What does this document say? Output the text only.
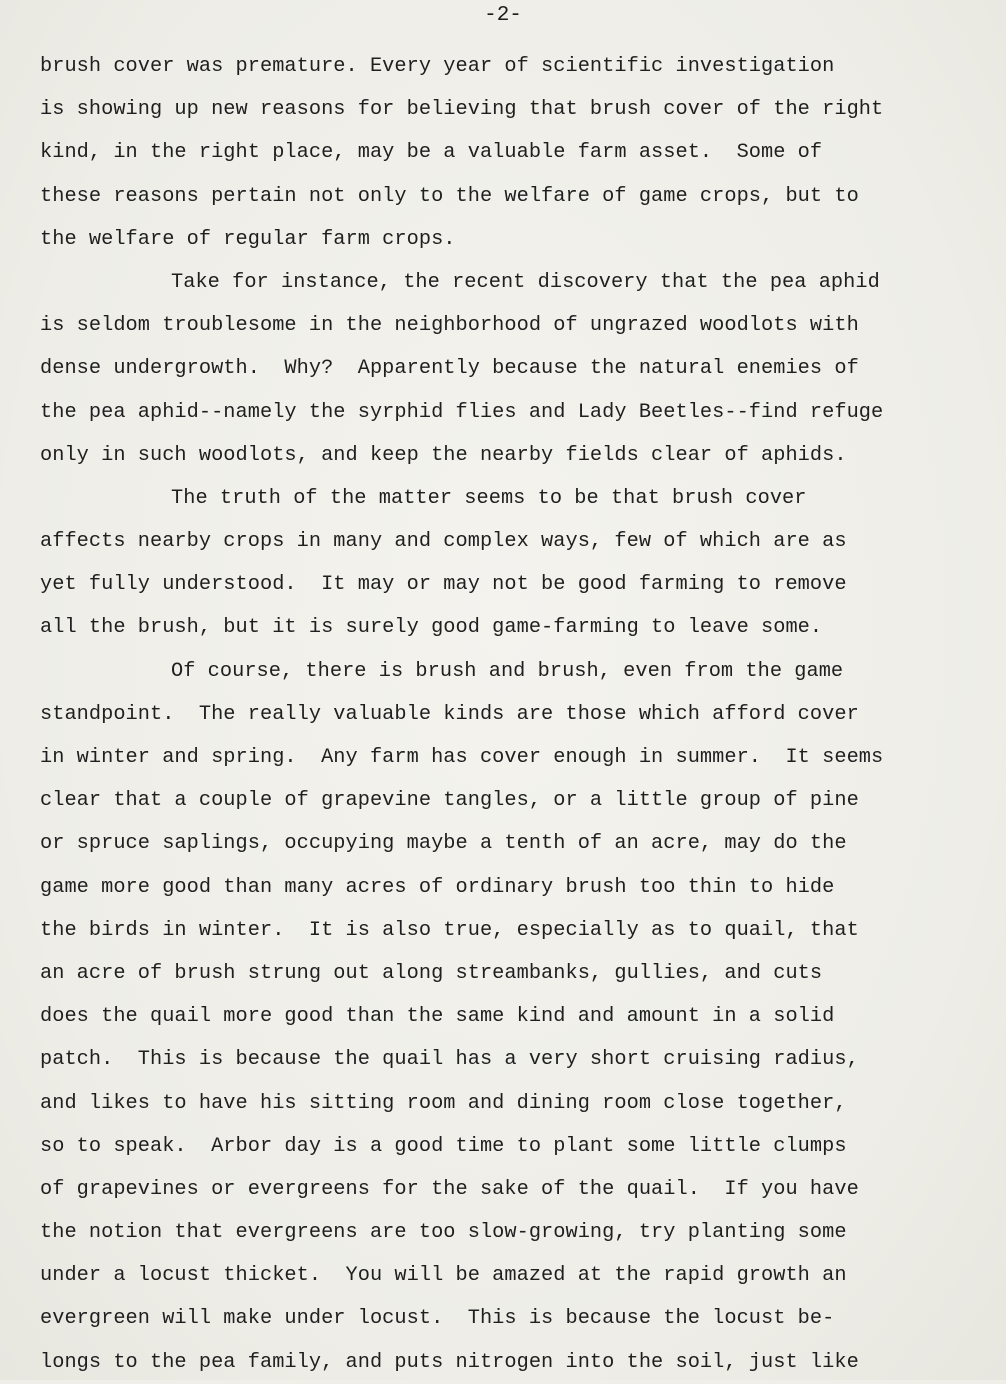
-2-

brush cover was premature. Every year of scientific investigation
is showing up new reasons for believing that brush cover of the right
kind, in the right place, may be a valuable farm asset.  Some of
these reasons pertain not only to the welfare of game crops, but to
the welfare of regular farm crops.
Take for instance, the recent discovery that the pea aphid
is seldom troublesome in the neighborhood of ungrazed woodlots with
dense undergrowth.  Why?  Apparently because the natural enemies of
the pea aphid--namely the syrphid flies and Lady Beetles--find refuge
only in such woodlots, and keep the nearby fields clear of aphids.
The truth of the matter seems to be that brush cover
affects nearby crops in many and complex ways, few of which are as
yet fully understood.  It may or may not be good farming to remove
all the brush, but it is surely good game-farming to leave some.
Of course, there is brush and brush, even from the game
standpoint.  The really valuable kinds are those which afford cover
in winter and spring.  Any farm has cover enough in summer.  It seems
clear that a couple of grapevine tangles, or a little group of pine
or spruce saplings, occupying maybe a tenth of an acre, may do the
game more good than many acres of ordinary brush too thin to hide
the birds in winter.  It is also true, especially as to quail, that
an acre of brush strung out along streambanks, gullies, and cuts
does the quail more good than the same kind and amount in a solid
patch.  This is because the quail has a very short cruising radius,
and likes to have his sitting room and dining room close together,
so to speak.  Arbor day is a good time to plant some little clumps
of grapevines or evergreens for the sake of the quail.  If you have
the notion that evergreens are too slow-growing, try planting some
under a locust thicket.  You will be amazed at the rapid growth an
evergreen will make under locust.  This is because the locust be-
longs to the pea family, and puts nitrogen into the soil, just like
